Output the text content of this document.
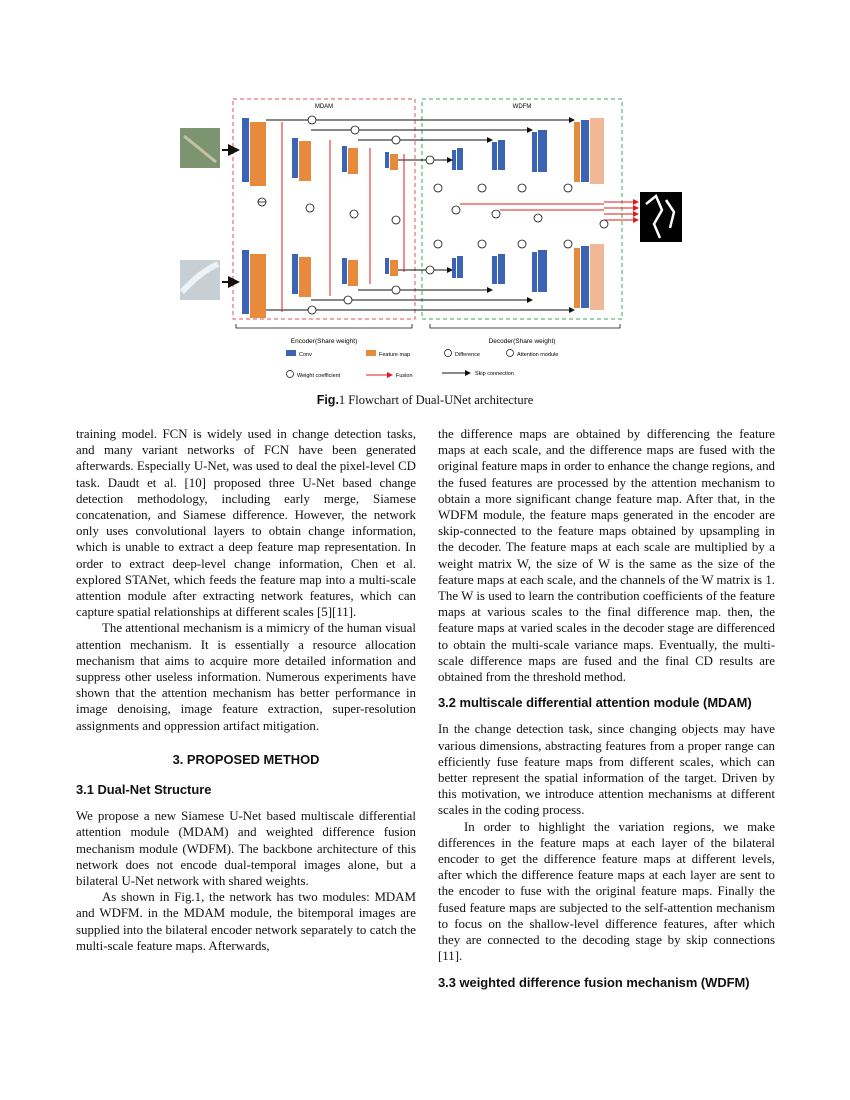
MDAM	WDFM
Encoder(Share weight)	Decoder(Share weight)
Conv	Feature map	Difference	Attention module
Weight coefficient	Fusion	Skip connection
Fig.1 Flowchart of Dual-UNet architecture

training model. FCN is widely used in change detection tasks, and many variant networks of FCN have been generated afterwards. Especially U-Net, was used to deal the pixel-level CD task. Daudt et al. [10] proposed three U-Net based change detection methodology, including early merge, Siamese concatenation, and Siamese difference. However, the network only uses convolutional layers to obtain change information, which is unable to extract a deep feature map representation. In order to extract deep-level change information, Chen et al. explored STANet, which feeds the feature map into a multi-scale attention module after extracting network features, which can capture spatial relationships at different scales [5][11].

The attentional mechanism is a mimicry of the human visual attention mechanism. It is essentially a resource allocation mechanism that aims to acquire more detailed information and suppress other useless information. Numerous experiments have shown that the attention mechanism has better performance in image denoising, image feature extraction, super-resolution assignments and oppression artifact mitigation.

3. PROPOSED METHOD
3.1 Dual-Net Structure

We propose a new Siamese U-Net based multiscale differential attention module (MDAM) and weighted difference fusion mechanism module (WDFM). The backbone architecture of this network does not encode dual-temporal images alone, but a bilateral U-Net network with shared weights.

As shown in Fig.1, the network has two modules: MDAM and WDFM. in the MDAM module, the bitemporal images are supplied into the bilateral encoder network separately to catch the multi-scale feature maps. Afterwards,

the difference maps are obtained by differencing the feature maps at each scale, and the difference maps are fused with the original feature maps in order to enhance the change regions, and the fused features are processed by the attention mechanism to obtain a more significant change feature map. After that, in the WDFM module, the feature maps generated in the encoder are skip-connected to the feature maps obtained by upsampling in the decoder. The feature maps at each scale are multiplied by a weight matrix W, the size of W is the same as the size of the feature maps at each scale, and the channels of the W matrix is 1. The W is used to learn the contribution coefficients of the feature maps at various scales to the final difference map. then, the feature maps at varied scales in the decoder stage are differenced to obtain the multi-scale variance maps. Eventually, the multi-scale difference maps are fused and the final CD results are obtained from the threshold method.

3.2 multiscale differential attention module (MDAM)

In the change detection task, since changing objects may have various dimensions, abstracting features from a proper range can efficiently fuse feature maps from different scales, which can better represent the spatial information of the target. Driven by this motivation, we introduce attention mechanisms at different scales in the coding process.

In order to highlight the variation regions, we make differences in the feature maps at each layer of the bilateral encoder to get the difference feature maps at different levels, after which the difference feature maps at each layer are sent to the encoder to fuse with the original feature maps. Finally the fused feature maps are subjected to the self-attention mechanism to focus on the shallow-level difference features, after which they are connected to the decoding stage by skip connections [11].

3.3 weighted difference fusion mechanism (WDFM)
